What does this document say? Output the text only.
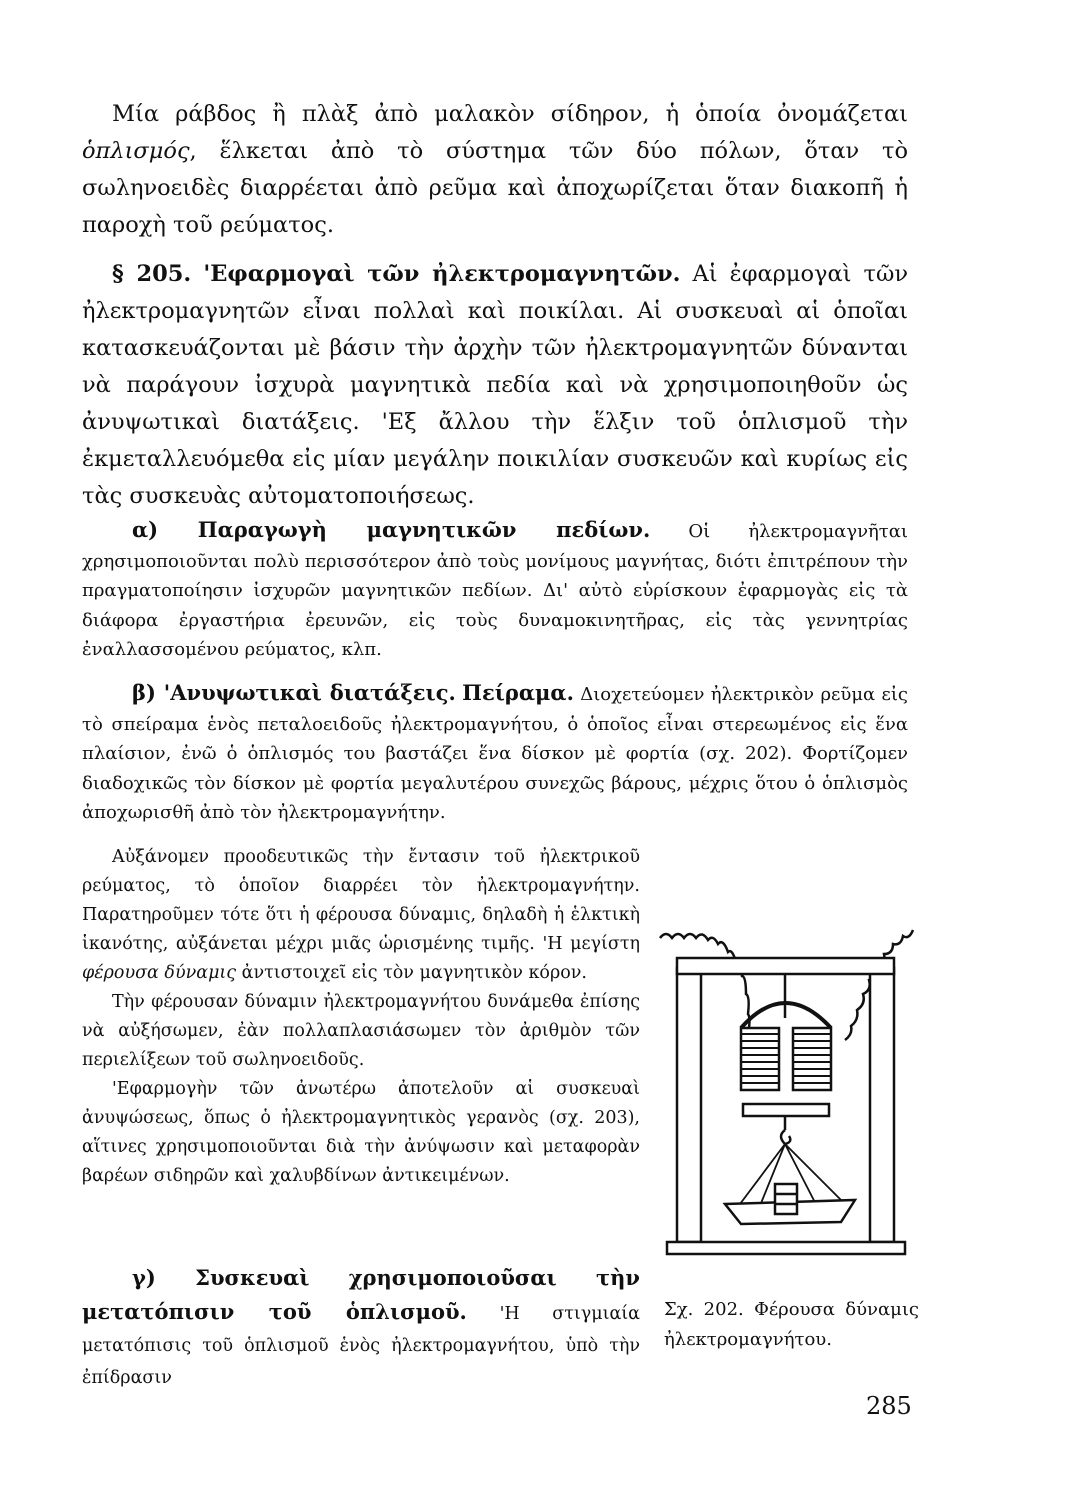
Μία ράβδος ἢ πλὰξ ἀπὸ μαλακὸν σίδηρον, ἡ ὁποία ὀνομάζεται ὁπλισμός, ἕλκεται ἀπὸ τὸ σύστημα τῶν δύο πόλων, ὅταν τὸ σωληνοειδὲς διαρρέεται ἀπὸ ρεῦμα καὶ ἀποχωρίζεται ὅταν διακοπῆ ἡ παροχὴ τοῦ ρεύματος.
§ 205. 'Εφαρμογαὶ τῶν ἠλεκτρομαγνητῶν. Αἱ ἐφαρμογαὶ τῶν ἠλεκτρομαγνητῶν εἶναι πολλαὶ καὶ ποικίλαι. Αἱ συσκευαὶ αἱ ὁποῖαι κατασκευάζονται μὲ βάσιν τὴν ἀρχὴν τῶν ἠλεκτρομαγνητῶν δύνανται νὰ παράγουν ἰσχυρὰ μαγνητικὰ πεδία καὶ νὰ χρησιμοποιηθοῦν ὡς ἀνυψωτικαὶ διατάξεις. 'Εξ ἄλλου τὴν ἕλξιν τοῦ ὁπλισμοῦ τὴν ἐκμεταλλευόμεθα εἰς μίαν μεγάλην ποικιλίαν συσκευῶν καὶ κυρίως εἰς τὰς συσκευὰς αὐτοματοποιήσεως.
α) Παραγωγὴ μαγνητικῶν πεδίων. Οἱ ἠλεκτρομαγνῆται χρησιμοποιοῦνται πολὺ περισσότερον ἀπὸ τοὺς μονίμους μαγνήτας, διότι ἐπιτρέπουν τὴν πραγματοποίησιν ἰσχυρῶν μαγνητικῶν πεδίων. Δι' αὐτὸ εὑρίσκουν ἐφαρμογὰς εἰς τὰ διάφορα ἐργαστήρια ἐρευνῶν, εἰς τοὺς δυναμοκινητῆρας, εἰς τὰς γεννητρίας ἐναλλασσομένου ρεύματος, κλπ.
β) 'Ανυψωτικαὶ διατάξεις. Πείραμα. Διοχετεύομεν ἠλεκτρικὸν ρεῦμα εἰς τὸ σπείραμα ἑνὸς πεταλοειδοῦς ἠλεκτρομαγνήτου, ὁ ὁποῖος εἶναι στερεωμένος εἰς ἕνα πλαίσιον, ἐνῶ ὁ ὁπλισμός του βαστάζει ἕνα δίσκον μὲ φορτία (σχ. 202). Φορτίζομεν διαδοχικῶς τὸν δίσκον μὲ φορτία μεγαλυτέρου συνεχῶς βάρους, μέχρις ὅτου ὁ ὁπλισμὸς ἀποχωρισθῆ ἀπὸ τὸν ἠλεκτρομαγνήτην.

Αὐξάνομεν προοδευτικῶς τὴν ἔντασιν τοῦ ἠλεκτρικοῦ ρεύματος, τὸ ὁποῖον διαρρέει τὸν ἠλεκτρομαγνήτην. Παρατηροῦμεν τότε ὅτι ἡ φέρουσα δύναμις, δηλαδὴ ἡ ἑλκτικὴ ἱκανότης, αὐξάνεται μέχρι μιᾶς ὡρισμένης τιμῆς. 'Η μεγίστη φέρουσα δύναμις ἀντιστοιχεῖ εἰς τὸν μαγνητικὸν κόρον.

Τὴν φέρουσαν δύναμιν ἠλεκτρομαγνήτου δυνάμεθα ἐπίσης νὰ αὐξήσωμεν, ἐὰν πολλαπλασιάσωμεν τὸν ἀριθμὸν τῶν περιελίξεων τοῦ σωληνοειδοῦς.

'Εφαρμογὴν τῶν ἀνωτέρω ἀποτελοῦν αἱ συσκευαὶ ἀνυψώσεως, ὅπως ὁ ἠλεκτρομαγνητικὸς γερανὸς (σχ. 203), αἵτινες χρησιμοποιοῦνται διὰ τὴν ἀνύψωσιν καὶ μεταφορὰν βαρέων σιδηρῶν καὶ χαλυβδίνων ἀντικειμένων.

γ) Συσκευαὶ χρησιμοποιοῦσαι τὴν μετατόπισιν τοῦ ὁπλισμοῦ. 'Η στιγμιαία μετατόπισις τοῦ ὁπλισμοῦ ἑνὸς ἠλεκτρομαγνήτου, ὑπὸ τὴν ἐπίδρασιν
Σχ. 202. Φέρουσα δύναμις ἠλεκτρομαγνήτου.
285
